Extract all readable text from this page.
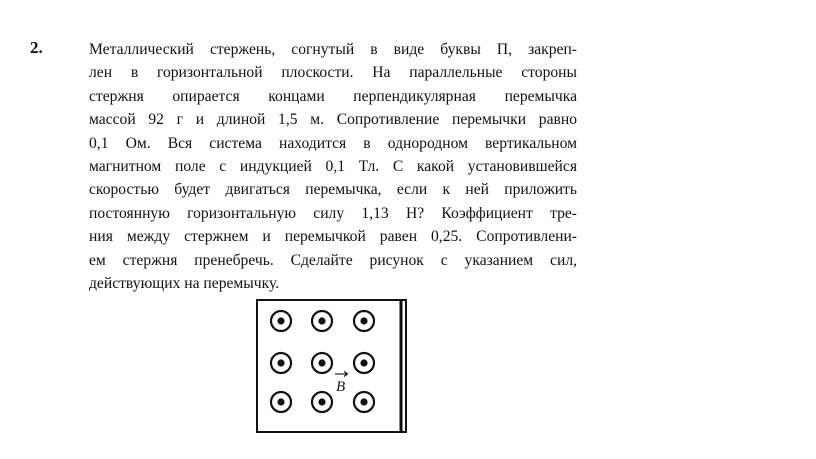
2.	Металлический стержень, согнутый в виде буквы П, закреп-
лен в горизонтальной плоскости. На параллельные стороны
стержня опирается концами перпендикулярная перемычка
массой 92 г и длиной 1,5 м. Сопротивление перемычки равно
0,1 Ом. Вся система находится в однородном вертикальном
магнитном поле с индукцией 0,1 Тл. С какой установившейся
скоростью будет двигаться перемычка, если к ней приложить
постоянную горизонтальную силу 1,13 Н? Коэффициент тре-
ния между стержнем и перемычкой равен 0,25. Сопротивлени-
ем стержня пренебречь. Сделайте рисунок с указанием сил,
действующих на перемычку.
B
